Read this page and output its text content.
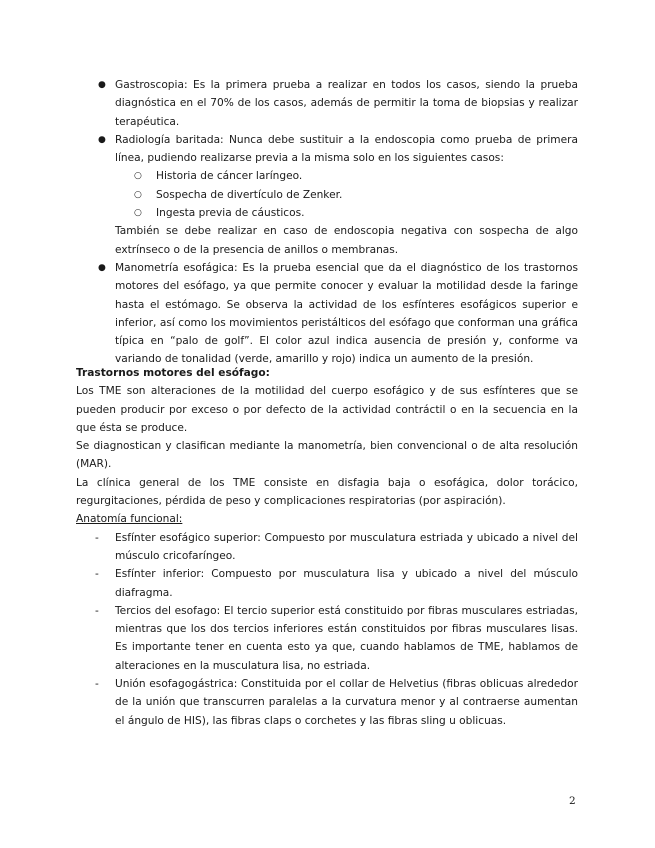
● Gastroscopia: Es la primera prueba a realizar en todos los casos, siendo la prueba diagnóstica en el 70% de los casos, además de permitir la toma de biopsias y realizar terapéutica.
● Radiología baritada: Nunca debe sustituir a la endoscopia como prueba de primera línea, pudiendo realizarse previa a la misma solo en los siguientes casos:
○ Historia de cáncer laríngeo.
○ Sospecha de divertículo de Zenker.
○ Ingesta previa de cáusticos.
También se debe realizar en caso de endoscopia negativa con sospecha de algo extrínseco o de la presencia de anillos o membranas.
● Manometría esofágica: Es la prueba esencial que da el diagnóstico de los trastornos motores del esófago, ya que permite conocer y evaluar la motilidad desde la faringe hasta el estómago. Se observa la actividad de los esfínteres esofágicos superior e inferior, así como los movimientos peristálticos del esófago que conforman una gráfica típica en “palo de golf”. El color azul indica ausencia de presión y, conforme va variando de tonalidad (verde, amarillo y rojo) indica un aumento de la presión.
Trastornos motores del esófago:
Los TME son alteraciones de la motilidad del cuerpo esofágico y de sus esfínteres que se pueden producir por exceso o por defecto de la actividad contráctil o en la secuencia en la que ésta se produce.
Se diagnostican y clasifican mediante la manometría, bien convencional o de alta resolución (MAR).
La clínica general de los TME consiste en disfagia baja o esofágica, dolor torácico, regurgitaciones, pérdida de peso y complicaciones respiratorias (por aspiración).
Anatomía funcional:
- Esfínter esofágico superior: Compuesto por musculatura estriada y ubicado a nivel del músculo cricofaríngeo.
- Esfínter inferior: Compuesto por musculatura lisa y ubicado a nivel del músculo diafragma.
- Tercios del esofago: El tercio superior está constituido por fibras musculares estriadas, mientras que los dos tercios inferiores están constituidos por fibras musculares lisas. Es importante tener en cuenta esto ya que, cuando hablamos de TME, hablamos de alteraciones en la musculatura lisa, no estriada.
- Unión esofagogástrica: Constituida por el collar de Helvetius (fibras oblicuas alrededor de la unión que transcurren paralelas a la curvatura menor y al contraerse aumentan el ángulo de HIS), las fibras claps o corchetes y las fibras sling u oblicuas.
2
